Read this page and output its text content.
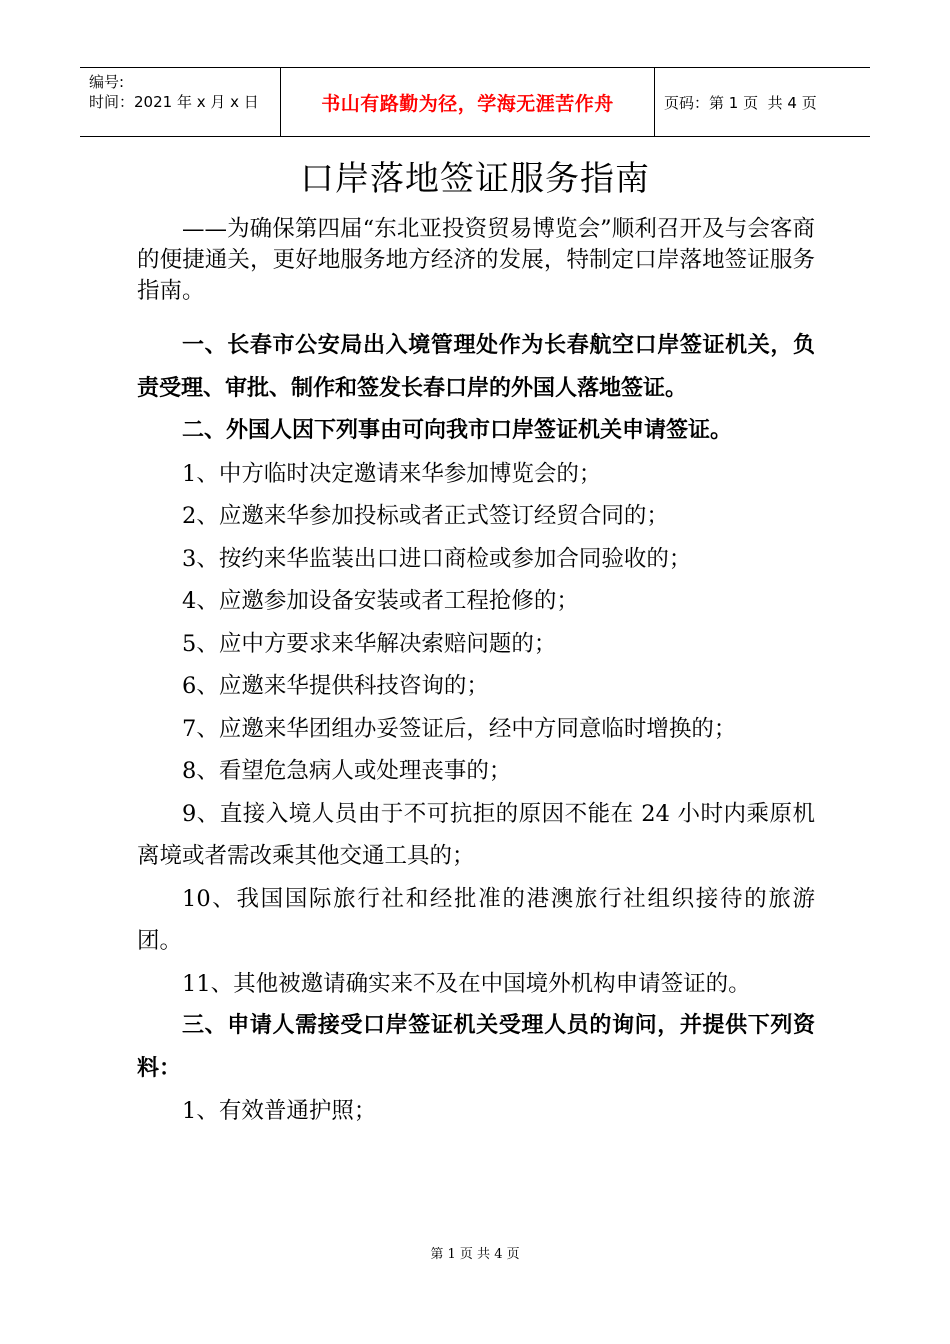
编号:
时间：2021 年 x 月 x 日	书山有路勤为径，学海无涯苦作舟	页码：第 1 页  共 4 页
口岸落地签证服务指南

——为确保第四届“东北亚投资贸易博览会”顺利召开及与会客商的便捷通关，更好地服务地方经济的发展，特制定口岸落地签证服务指南。

一、长春市公安局出入境管理处作为长春航空口岸签证机关，负责受理、审批、制作和签发长春口岸的外国人落地签证。

二、外国人因下列事由可向我市口岸签证机关申请签证。

1、中方临时决定邀请来华参加博览会的；

2、应邀来华参加投标或者正式签订经贸合同的；

3、按约来华监装出口进口商检或参加合同验收的；

4、应邀参加设备安装或者工程抢修的；

5、应中方要求来华解决索赔问题的；

6、应邀来华提供科技咨询的；

7、应邀来华团组办妥签证后，经中方同意临时增换的；

8、看望危急病人或处理丧事的；

9、直接入境人员由于不可抗拒的原因不能在 24 小时内乘原机离境或者需改乘其他交通工具的；

10、我国国际旅行社和经批准的港澳旅行社组织接待的旅游团。

11、其他被邀请确实来不及在中国境外机构申请签证的。

三、申请人需接受口岸签证机关受理人员的询问，并提供下列资料：

1、有效普通护照；

第 1 页 共 4 页
